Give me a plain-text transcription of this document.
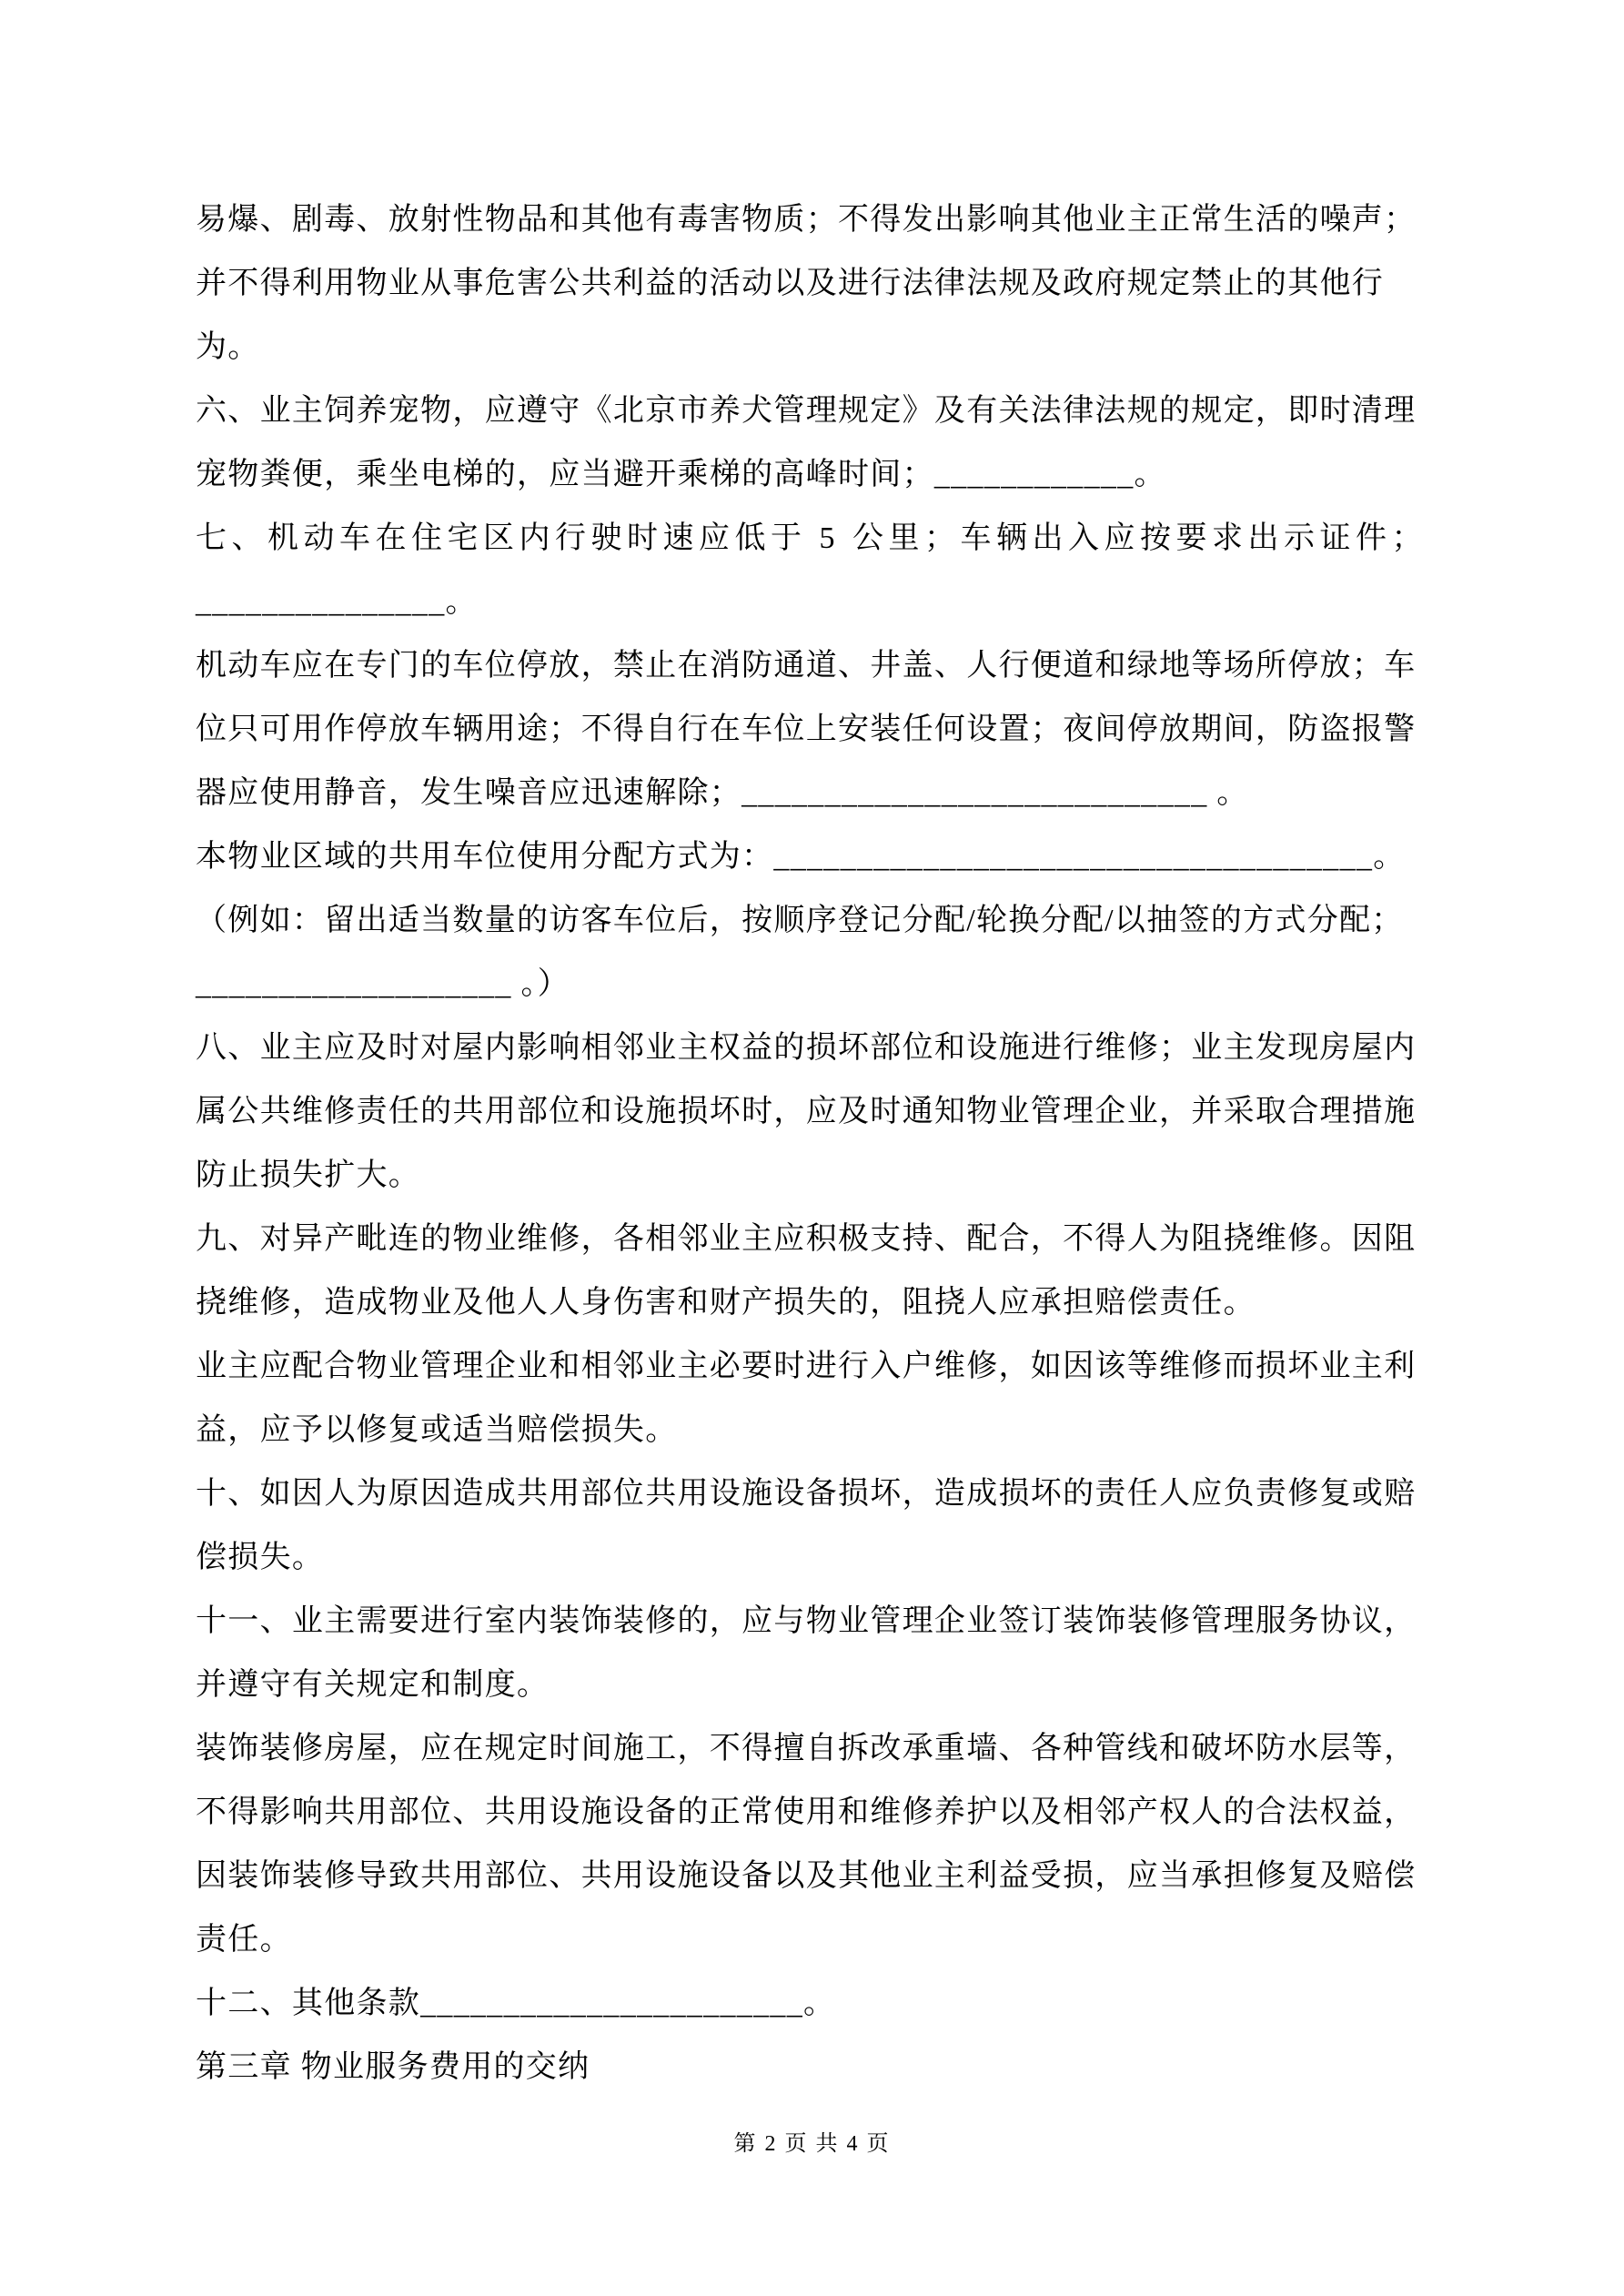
易爆、剧毒、放射性物品和其他有毒害物质；不得发出影响其他业主正常生活的噪声；
并不得利用物业从事危害公共利益的活动以及进行法律法规及政府规定禁止的其他行
为。
六、业主饲养宠物，应遵守《北京市养犬管理规定》及有关法律法规的规定，即时清理
宠物粪便，乘坐电梯的，应当避开乘梯的高峰时间；____________。
七、机动车在住宅区内行驶时速应低于 5 公里；车辆出入应按要求出示证件；
_______________。
机动车应在专门的车位停放，禁止在消防通道、井盖、人行便道和绿地等场所停放；车
位只可用作停放车辆用途；不得自行在车位上安装任何设置；夜间停放期间，防盗报警
器应使用静音，发生噪音应迅速解除；____________________________ 。
本物业区域的共用车位使用分配方式为：____________________________________。
（例如：留出适当数量的访客车位后，按顺序登记分配/轮换分配/以抽签的方式分配；
___________________ 。）
八、业主应及时对屋内影响相邻业主权益的损坏部位和设施进行维修；业主发现房屋内
属公共维修责任的共用部位和设施损坏时，应及时通知物业管理企业，并采取合理措施
防止损失扩大。
九、对异产毗连的物业维修，各相邻业主应积极支持、配合，不得人为阻挠维修。因阻
挠维修，造成物业及他人人身伤害和财产损失的，阻挠人应承担赔偿责任。
业主应配合物业管理企业和相邻业主必要时进行入户维修，如因该等维修而损坏业主利
益，应予以修复或适当赔偿损失。
十、如因人为原因造成共用部位共用设施设备损坏，造成损坏的责任人应负责修复或赔
偿损失。
十一、业主需要进行室内装饰装修的，应与物业管理企业签订装饰装修管理服务协议，
并遵守有关规定和制度。
装饰装修房屋，应在规定时间施工，不得擅自拆改承重墙、各种管线和破坏防水层等，
不得影响共用部位、共用设施设备的正常使用和维修养护以及相邻产权人的合法权益，
因装饰装修导致共用部位、共用设施设备以及其他业主利益受损，应当承担修复及赔偿
责任。
十二、其他条款_______________________。
第三章 物业服务费用的交纳
第 2 页 共 4 页
